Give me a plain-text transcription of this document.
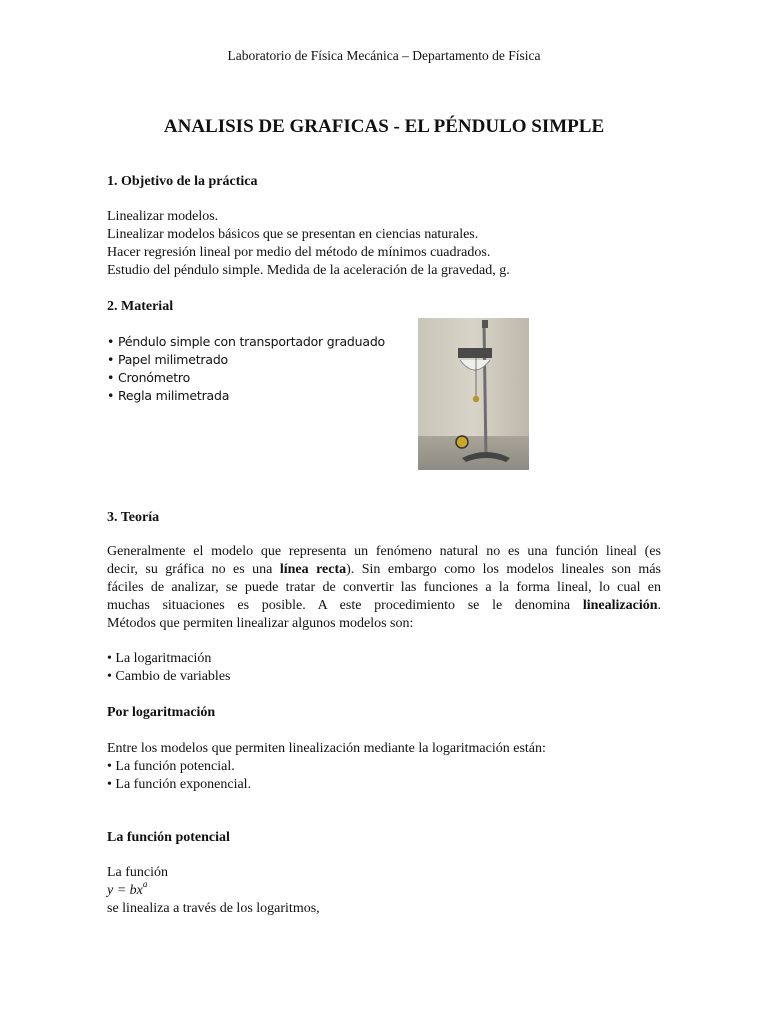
Laboratorio de Física Mecánica – Departamento de Física
ANALISIS DE GRAFICAS - EL PÉNDULO SIMPLE
1. Objetivo de la práctica
Linealizar modelos.
Linealizar modelos básicos que se presentan en ciencias naturales.
Hacer regresión lineal por medio del método de mínimos cuadrados.
Estudio del péndulo simple. Medida de la aceleración de la gravedad, g.
2. Material
• Péndulo simple con transportador graduado
• Papel milimetrado
• Cronómetro
• Regla milimetrada
3. Teoría
Generalmente el modelo que representa un fenómeno natural no es una función lineal (es
decir, su gráfica no es una línea recta). Sin embargo como los modelos lineales son más
fáciles de analizar, se puede tratar de convertir las funciones a la forma lineal, lo cual en
muchas situaciones es posible. A este procedimiento se le denomina linealización.
Métodos que permiten linealizar algunos modelos son:
• La logaritmación
• Cambio de variables
Por logaritmación
Entre los modelos que permiten linealización mediante la logaritmación están:
• La función potencial.
• La función exponencial.
La función potencial
La función
$y = bx^a$
se linealiza a través de los logaritmos,
